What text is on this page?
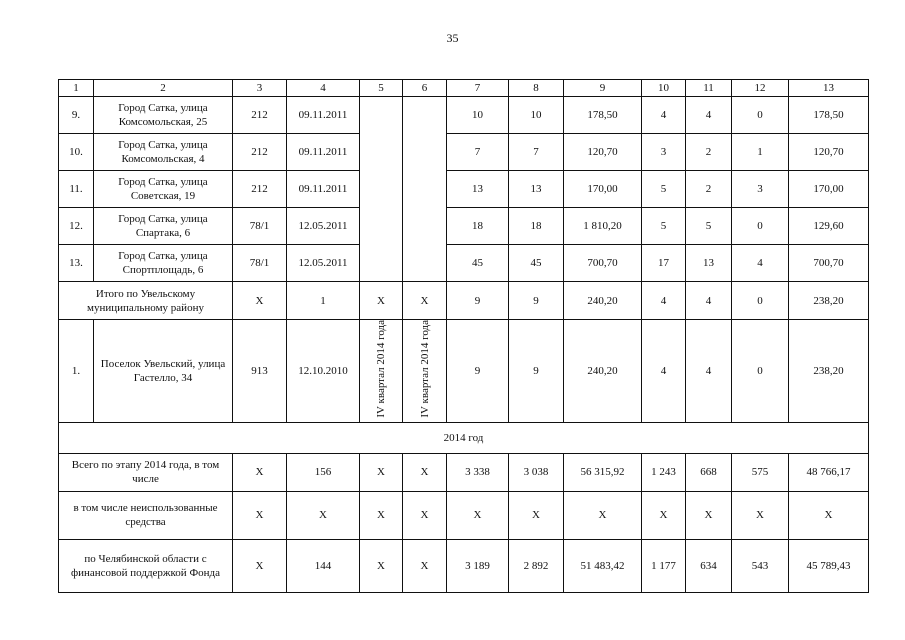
35
1	2	3	4	5	6	7	8	9	10	11	12	13
9.	Город Сатка, улица Комсомольская, 25	212	09.11.2011			10	10	178,50	4	4	0	178,50
10.	Город Сатка, улица Комсомольская, 4	212	09.11.2011			7	7	120,70	3	2	1	120,70
11.	Город Сатка, улица Советская, 19	212	09.11.2011			13	13	170,00	5	2	3	170,00
12.	Город Сатка, улица Спартака, 6	78/1	12.05.2011			18	18	1 810,20	5	5	0	129,60
13.	Город Сатка, улица Спортплощадь, 6	78/1	12.05.2011			45	45	700,70	17	13	4	700,70
Итого по Увельскому муниципальному району		X	1	X	X	9	9	240,20	4	4	0	238,20
1.	Поселок Увельский, улица Гастелло, 34	913	12.10.2010	IV квартал 2014 года	IV квартал 2014 года	9	9	240,20	4	4	0	238,20
2014 год												
Всего по этапу 2014 года, в том числе		X	156	X	X	3 338	3 038	56 315,92	1 243	668	575	48 766,17
в том числе неиспользованные средства		X	X	X	X	X	X	X	X	X	X	X
по Челябинской области с финансовой поддержкой Фонда		X	144	X	X	3 189	2 892	51 483,42	1 177	634	543	45 789,43
